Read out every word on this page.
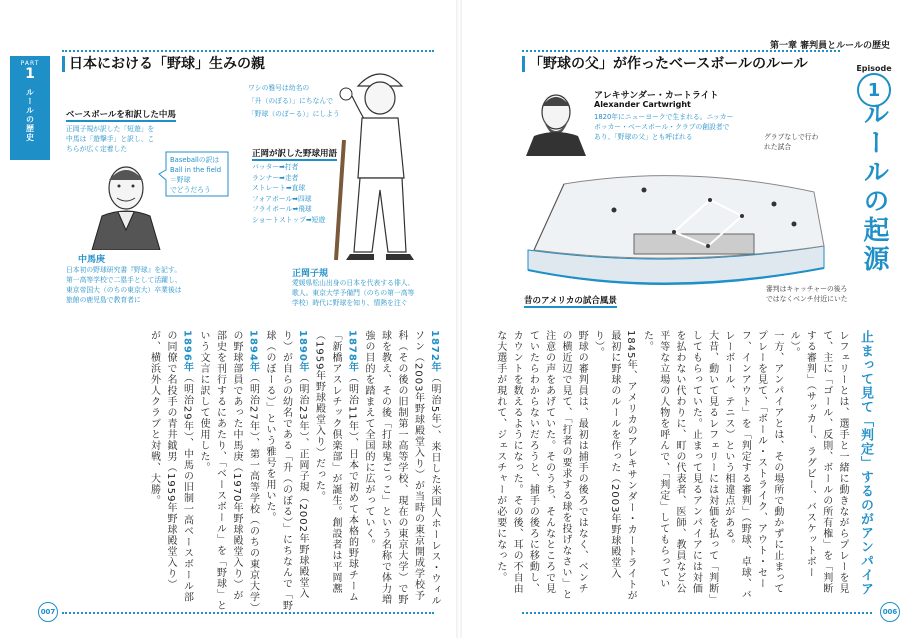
PART
1
ルールの歴史
日本における「野球」生みの親
ベースボールを和訳した中馬
正岡子規が訳した「短遊」を
中馬は「遊撃手」と訳し、こ
ちらが広く定着した
Baseballの訳は
Ball in the field
＝野球
でどうだろう
中馬庚
日本初の野球研究書『野球』を記す。
第一高等学校で二塁手として活躍し、
東京帝国大（のちの東京大）卒業後は
旅館の鹿児島で教育者に
ワシの雅号は幼名の
「升（のぼる）」にちなんで
「野球（のぼーる）」にしよう
正岡が訳した野球用語
バッター➡打者
ランナー➡走者
ストレート➡直球
フォアボール➡四球
フライボール➡飛球
ショートストップ➡短遊
正岡子規
愛媛県松山出身の日本を代表する俳人、
歌人。東京大学予備門（のちの第一高等
学校）時代に野球を知り、情熱を注ぐ

1872年（明治5年）、来日した米国人ホーレス・ウィルソン（2003年野球殿堂入り）が当時の東京開成学校予科（その後の旧制第一高等学校、現在の東京大学）で野球を教え、その後「打球鬼ごっこ」という名称で体力増強の目的を踏まえて全国的に広がっていく。

1878年（明治11年）、日本で初めて本格的野球チーム「新橋アスレチック倶楽部」が誕生。創設者は平岡凞（1959年野球殿堂入り）だった。

1890年（明治23年）、正岡子規（2002年野球殿堂入り）が自らの幼名である「升（のぼる）」にちなんで「野球（のぼーる）」という雅号を用いた。

1894年（明治27年）、第一高等学校（のちの東京大学）の野球部員であった中馬庚（1970年野球殿堂入り）が部史を刊行するにあたり、「ベースボール」を「野球」という文言に訳して使用した。

1896年（明治29年）、中馬の旧制一高ベースボール部の同僚で名投手の青井鉞男（1959年野球殿堂入り）が、横浜外人クラブと対戦、大勝。

007
第一章 審判員とルールの歴史
「野球の父」が作ったベースボールのルール
アレキサンダー・カートライト
Alexander Cartwright
1820年にニューヨークで生まれる。ニッカー
ボッカー・ベースボール・クラブの創設者で
あり、「野球の父」とも呼ばれる
Episode
1
ルールの起源
グラブなしで行わ
れた試合
審判はキャッチャーの後ろ
ではなくベンチ付近にいた
昔のアメリカの試合風景
止まって見て「判定」するのがアンパイア

レフェリーとは、選手と一緒に動きながらプレーを見て、主に「ゴール、反則、ボールの所有権」を「判断する審判」（サッカー、ラグビー、バスケットボール）。

一方、アンパイアとは、その場所で動かずに止まってプレーを見て、「ボール・ストライク、アウト・セーフ、インアウト」を「判定する審判」（野球、卓球、バレーボール、テニス）という相違点がある。

大昔、動いて見るレフェリーには対価を払って「判断」してもらっていた。止まって見るアンパイアには対価を払わない代わりに、町の代表者、医師、教員など公平等な立場の人物を呼んで、「判定」してもらっていた。

1845年、アメリカのアレキサンダー・カートライトが最初に野球のルールを作った（2003年野球殿堂入り）。

野球の審判員は、最初は捕手の後ろではなく、ベンチの横近辺で見て、「打者の要求する球を投げなさい」と注意の声をあげていた。そのうち、そんなところで見ていたらわからないだろうと、捕手の後ろに移動し、カウントを数えるようになった。その後、耳の不自由な大選手が現れて、ジェスチャーが必要になった。

006
